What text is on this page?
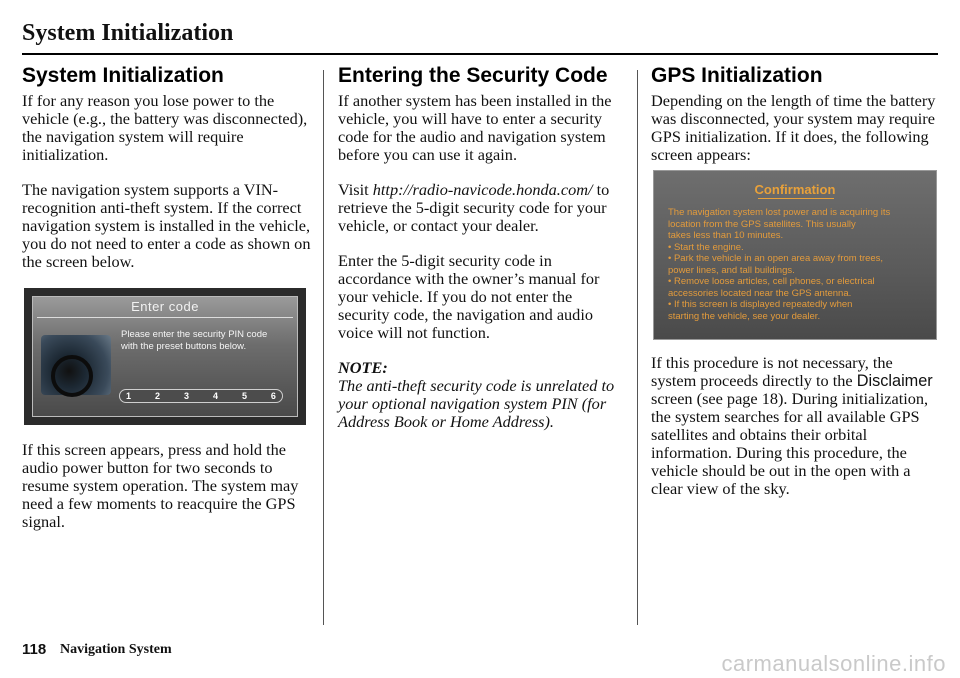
System Initialization
System Initialization

If for any reason you lose power to the vehicle (e.g., the battery was disconnected), the navigation system will require initialization.

The navigation system supports a VIN-recognition anti-theft system. If the correct navigation system is installed in the vehicle, you do not need to enter a code as shown on the screen below.

Enter code
Please enter the security PIN code with the preset buttons below.
1	2	3	4	5	6

If this screen appears, press and hold the audio power button for two seconds to resume system operation. The system may need a few moments to reacquire the GPS signal.

Entering the Security Code

If another system has been installed in the vehicle, you will have to enter a security code for the audio and navigation system before you can use it again.

Visit http://radio-navicode.honda.com/ to retrieve the 5-digit security code for your vehicle, or contact your dealer.

Enter the 5-digit security code in accordance with the owner’s manual for your vehicle. If you do not enter the security code, the navigation and audio voice will not function.

NOTE:

The anti-theft security code is unrelated to your optional navigation system PIN (for Address Book or Home Address).

GPS Initialization

Depending on the length of time the battery was disconnected, your system may require GPS initialization. If it does, the following screen appears:

Confirmation
The navigation system lost power and is acquiring its
location from the GPS satellites. This usually
takes less than 10 minutes.
• Start the engine.
• Park the vehicle in an open area away from trees,
power lines, and tall buildings.
• Remove loose articles, cell phones, or electrical
accessories located near the GPS antenna.
• If this screen is displayed repeatedly when
starting the vehicle, see your dealer.

If this procedure is not necessary, the system proceeds directly to the Disclaimer screen (see page 18). During initialization, the system searches for all available GPS satellites and obtains their orbital information. During this procedure, the vehicle should be out in the open with a clear view of the sky.

118 Navigation System
carmanualsonline.info
